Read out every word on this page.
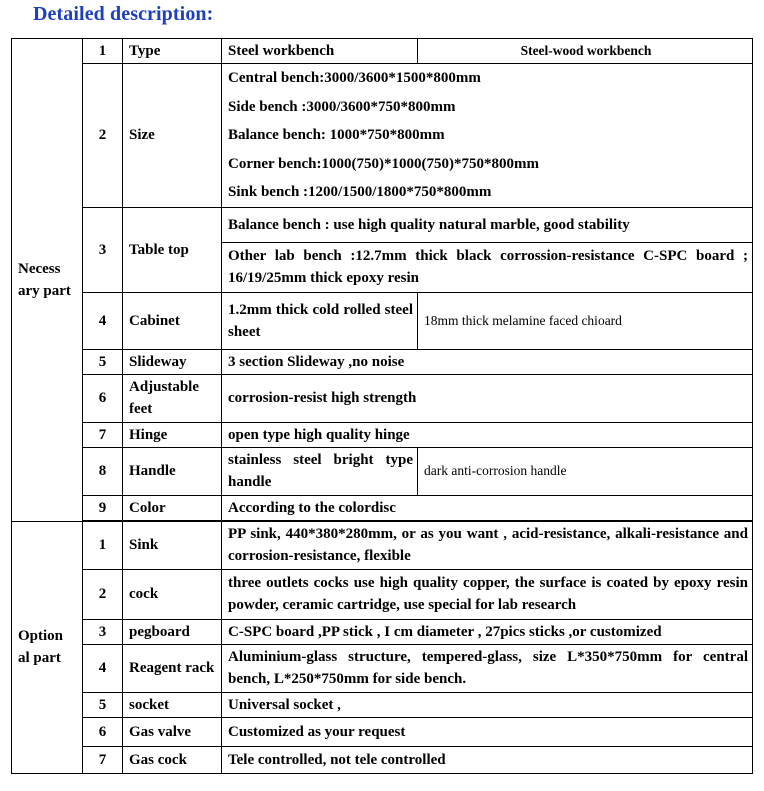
Detailed description:
Necess ary part	1	Type	Steel workbench	Steel-wood workbench
	2	Size	Central bench:3000/3600*1500*800mm
Side bench :3000/3600*750*800mm
Balance bench: 1000*750*800mm
Corner bench:1000(750)*1000(750)*750*800mm
Sink bench :1200/1500/1800*750*800mm	

	3	Table top	Balance bench : use high quality natural marble, good stability	
			Other lab bench :12.7mm thick black corrossion-resistance C-SPC board ; 16/19/25mm thick epoxy resin	
	4	Cabinet	1.2mm thick cold rolled steel sheet	18mm thick melamine faced chioard
	5	Slideway	3 section Slideway ,no noise	
	6	Adjustable feet	corrosion-resist high strength	
	7	Hinge	open type high quality hinge	
	8	Handle	stainless steel bright type handle	dark anti-corrosion handle
	9	Color	According to the colordisc	

Option al part	1	Sink	PP sink, 440*380*280mm, or as you want , acid-resistance, alkali-resistance and corrosion-resistance, flexible	
	2	cock	three outlets cocks use high quality copper, the surface is coated by epoxy resin powder, ceramic cartridge, use special for lab research	
	3	pegboard	C-SPC board ,PP stick , I cm diameter , 27pics sticks ,or customized	
	4	Reagent rack	Aluminium-glass structure, tempered-glass, size L*350*750mm for central bench, L*250*750mm for side bench.	
	5	socket	Universal socket ,	
	6	Gas valve	Customized as your request	
	7	Gas cock	Tele controlled, not tele controlled	
